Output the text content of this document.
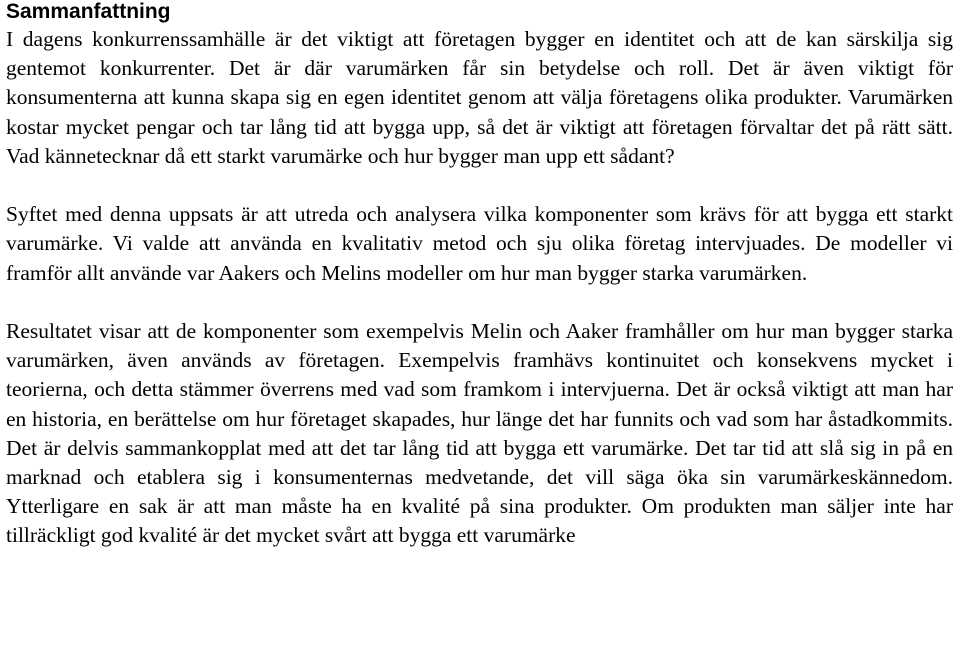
Sammanfattning

I dagens konkurrenssamhälle är det viktigt att företagen bygger en identitet och att de kan särskilja sig gentemot konkurrenter. Det är där varumärken får sin betydelse och roll. Det är även viktigt för konsumenterna att kunna skapa sig en egen identitet genom att välja företagens olika produkter. Varumärken kostar mycket pengar och tar lång tid att bygga upp, så det är viktigt att företagen förvaltar det på rätt sätt. Vad kännetecknar då ett starkt varumärke och hur bygger man upp ett sådant?

Syftet med denna uppsats är att utreda och analysera vilka komponenter som krävs för att bygga ett starkt varumärke. Vi valde att använda en kvalitativ metod och sju olika företag intervjuades. De modeller vi framför allt använde var Aakers och Melins modeller om hur man bygger starka varumärken.

Resultatet visar att de komponenter som exempelvis Melin och Aaker framhåller om hur man bygger starka varumärken, även används av företagen. Exempelvis framhävs kontinuitet och konsekvens mycket i teorierna, och detta stämmer överrens med vad som framkom i intervjuerna. Det är också viktigt att man har en historia, en berättelse om hur företaget skapades, hur länge det har funnits och vad som har åstadkommits. Det är delvis sammankopplat med att det tar lång tid att bygga ett varumärke. Det tar tid att slå sig in på en marknad och etablera sig i konsumenternas medvetande, det vill säga öka sin varumärkeskännedom. Ytterligare en sak är att man måste ha en kvalité på sina produkter. Om produkten man säljer inte har tillräckligt god kvalité är det mycket svårt att bygga ett varumärke
